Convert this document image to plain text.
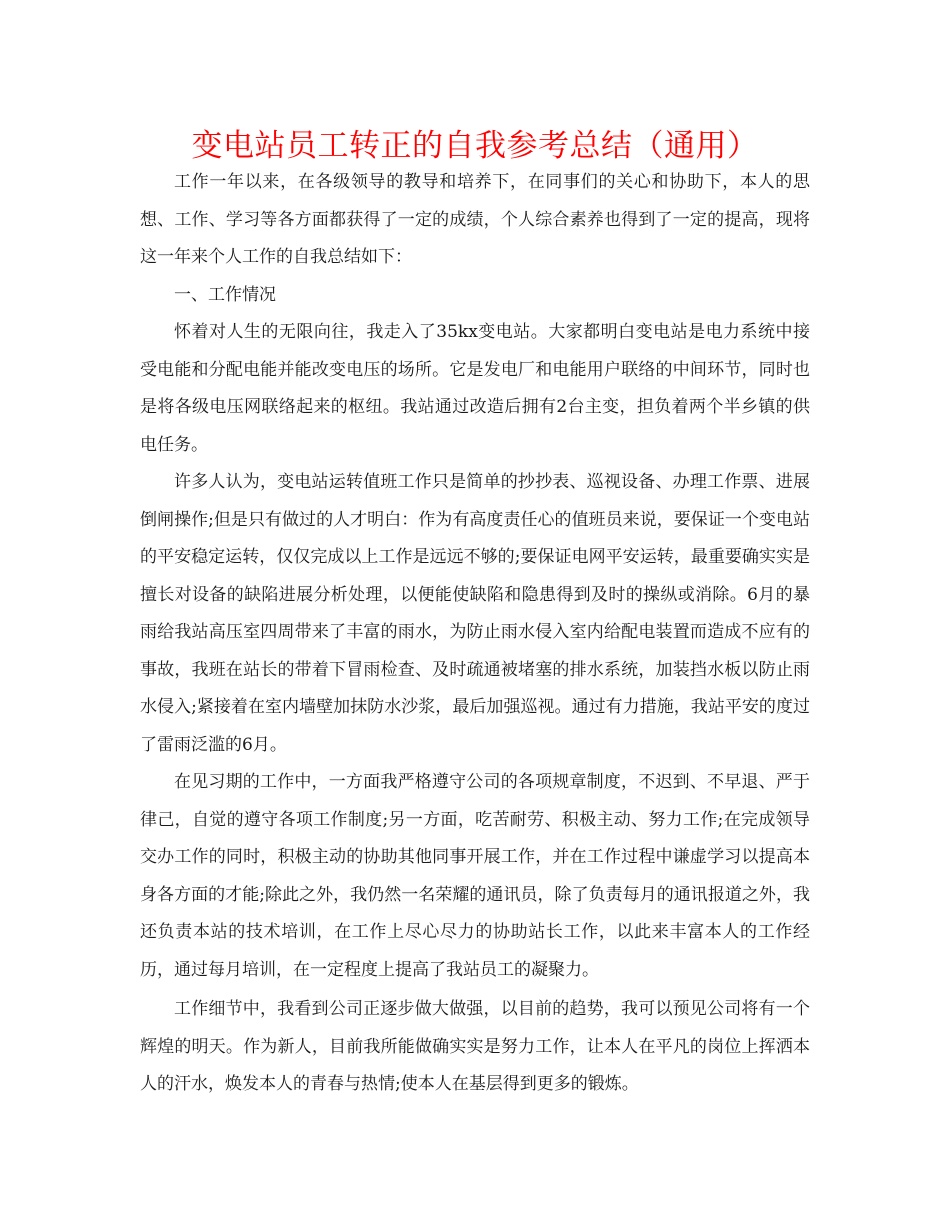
变电站员工转正的自我参考总结（通用）

工作一年以来，在各级领导的教导和培养下，在同事们的关心和协助下，本人的思想、工作、学习等各方面都获得了一定的成绩，个人综合素养也得到了一定的提高，现将这一年来个人工作的自我总结如下：

一、工作情况

怀着对人生的无限向往，我走入了35kx变电站。大家都明白变电站是电力系统中接受电能和分配电能并能改变电压的场所。它是发电厂和电能用户联络的中间环节，同时也是将各级电压网联络起来的枢纽。我站通过改造后拥有2台主变，担负着两个半乡镇的供电任务。

许多人认为，变电站运转值班工作只是简单的抄抄表、巡视设备、办理工作票、进展倒闸操作;但是只有做过的人才明白：作为有高度责任心的值班员来说，要保证一个变电站的平安稳定运转，仅仅完成以上工作是远远不够的;要保证电网平安运转，最重要确实实是擅长对设备的缺陷进展分析处理，以便能使缺陷和隐患得到及时的操纵或消除。6月的暴雨给我站高压室四周带来了丰富的雨水，为防止雨水侵入室内给配电装置而造成不应有的事故，我班在站长的带着下冒雨检查、及时疏通被堵塞的排水系统，加装挡水板以防止雨水侵入;紧接着在室内墙壁加抹防水沙浆，最后加强巡视。通过有力措施，我站平安的度过了雷雨泛滥的6月。

在见习期的工作中，一方面我严格遵守公司的各项规章制度，不迟到、不早退、严于律己，自觉的遵守各项工作制度;另一方面，吃苦耐劳、积极主动、努力工作;在完成领导交办工作的同时，积极主动的协助其他同事开展工作，并在工作过程中谦虚学习以提高本身各方面的才能;除此之外，我仍然一名荣耀的通讯员，除了负责每月的通讯报道之外，我还负责本站的技术培训，在工作上尽心尽力的协助站长工作，以此来丰富本人的工作经历，通过每月培训，在一定程度上提高了我站员工的凝聚力。

工作细节中，我看到公司正逐步做大做强，以目前的趋势，我可以预见公司将有一个辉煌的明天。作为新人，目前我所能做确实实是努力工作，让本人在平凡的岗位上挥洒本人的汗水，焕发本人的青春与热情;使本人在基层得到更多的锻炼。
